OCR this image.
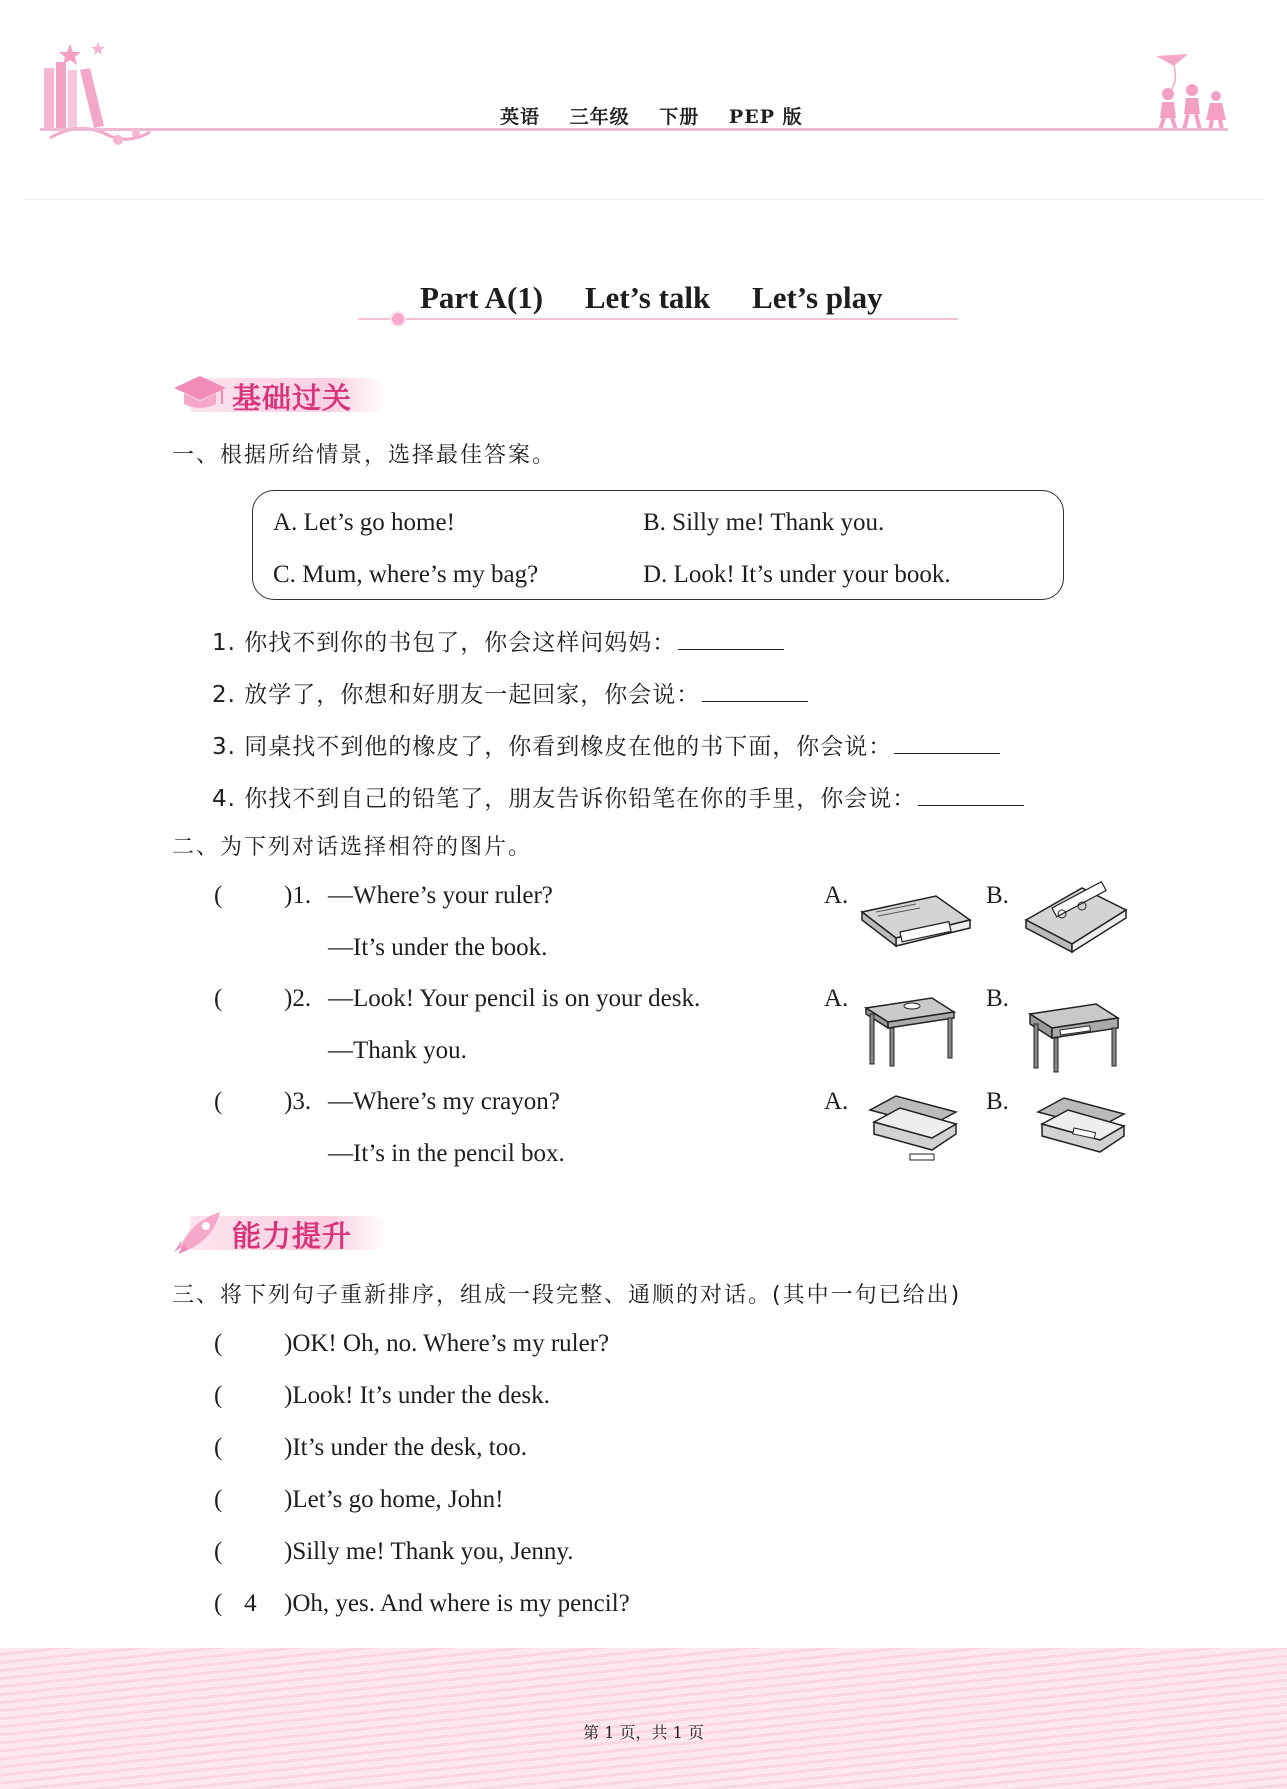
英语 三年级 下册 PEP 版
Part A(1) Let’s talk Let’s play
基础过关
一、根据所给情景，选择最佳答案。
A. Let’s go home!	B. Silly me! Thank you.
C. Mum, where’s my bag?	D. Look! It’s under your book.
1. 你找不到你的书包了，你会这样问妈妈：
2. 放学了，你想和好朋友一起回家，你会说：
3. 同桌找不到他的橡皮了，你看到橡皮在他的书下面，你会说：
4. 你找不到自己的铅笔了，朋友告诉你铅笔在你的手里，你会说：
二、为下列对话选择相符的图片。
(	)1. —Where’s your ruler?
—It’s under the book.
A.	B.
(	)2. —Look! Your pencil is on your desk.
—Thank you.
A.	B.
(	)3. —Where’s my crayon?
—It’s in the pencil box.
A.	B.
能力提升
三、将下列句子重新排序，组成一段完整、通顺的对话。(其中一句已给出)
(	)OK! Oh, no. Where’s my ruler?
(	)Look! It’s under the desk.
(	)It’s under the desk, too.
(	)Let’s go home, John!
(	)Silly me! Thank you, Jenny.
( 4	)Oh, yes. And where is my pencil?
第 1 页，共 1 页
